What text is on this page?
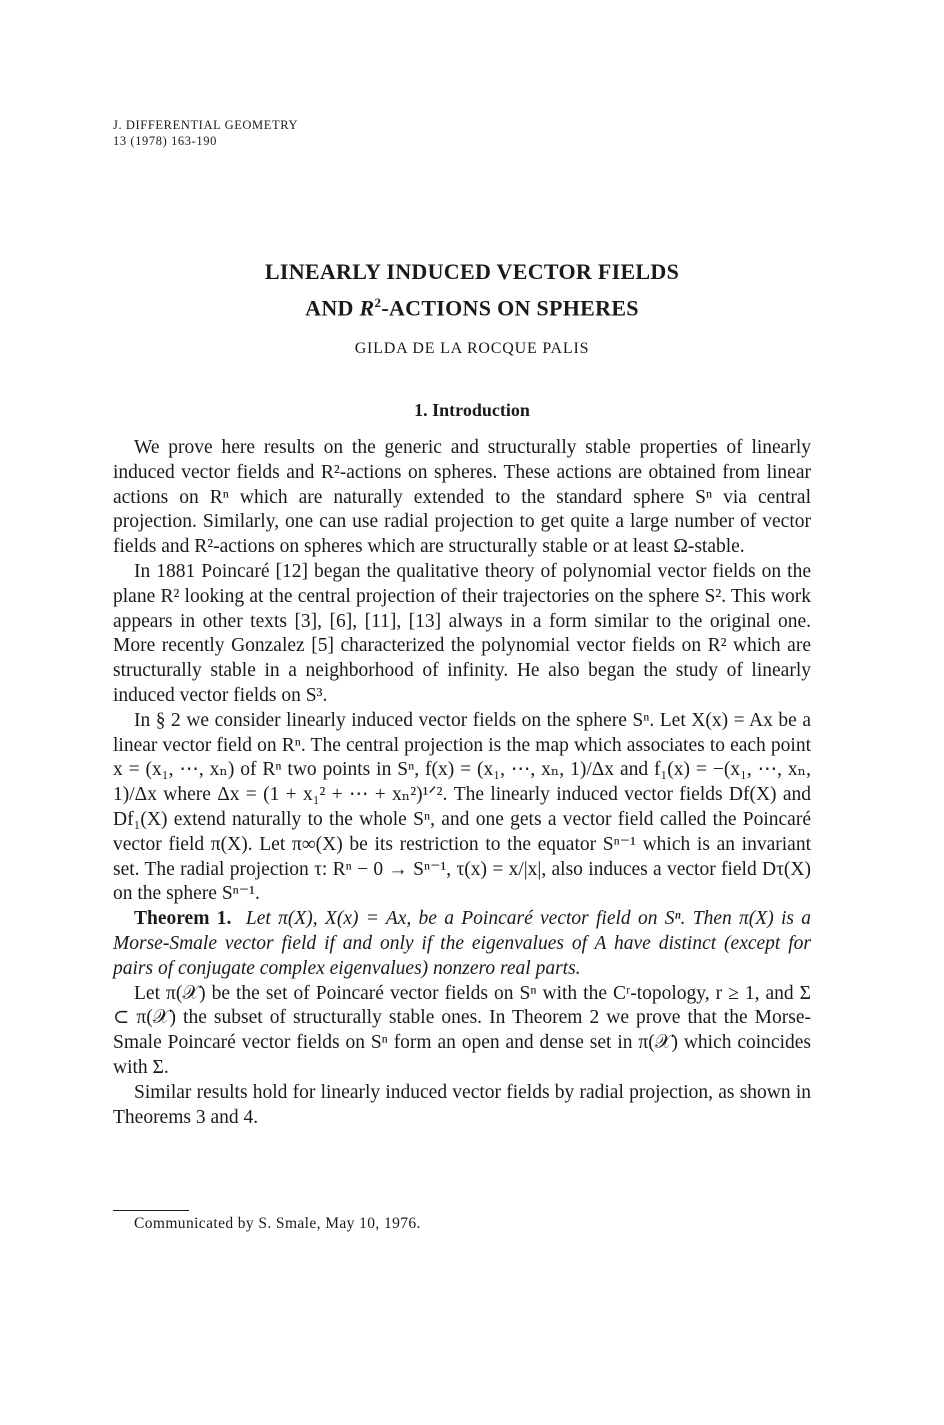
J. DIFFERENTIAL GEOMETRY
13 (1978) 163-190
LINEARLY INDUCED VECTOR FIELDS
AND $R^2$-ACTIONS ON SPHERES
GILDA DE LA ROCQUE PALIS
1. Introduction

We prove here results on the generic and structurally stable properties of linearly induced vector fields and R²-actions on spheres. These actions are obtained from linear actions on Rⁿ which are naturally extended to the standard sphere Sⁿ via central projection. Similarly, one can use radial projection to get quite a large number of vector fields and R²-actions on spheres which are structurally stable or at least Ω-stable.

In 1881 Poincaré [12] began the qualitative theory of polynomial vector fields on the plane R² looking at the central projection of their trajectories on the sphere S². This work appears in other texts [3], [6], [11], [13] always in a form similar to the original one. More recently Gonzalez [5] characterized the polynomial vector fields on R² which are structurally stable in a neighborhood of infinity. He also began the study of linearly induced vector fields on S³.

In § 2 we consider linearly induced vector fields on the sphere Sⁿ. Let X(x) = Ax be a linear vector field on Rⁿ. The central projection is the map which associates to each point x = (x₁, ⋯, xₙ) of Rⁿ two points in Sⁿ, f(x) = (x₁, ⋯, xₙ, 1)/Δx and f₁(x) = −(x₁, ⋯, xₙ, 1)/Δx where Δx = (1 + x₁² + ⋯ + xₙ²)¹ᐟ². The linearly induced vector fields Df(X) and Df₁(X) extend naturally to the whole Sⁿ, and one gets a vector field called the Poincaré vector field π(X). Let π∞(X) be its restriction to the equator Sⁿ⁻¹ which is an invariant set. The radial projection τ: Rⁿ − 0 → Sⁿ⁻¹, τ(x) = x/|x|, also induces a vector field Dτ(X) on the sphere Sⁿ⁻¹.

Theorem 1. Let π(X), X(x) = Ax, be a Poincaré vector field on Sⁿ. Then π(X) is a Morse-Smale vector field if and only if the eigenvalues of A have distinct (except for pairs of conjugate complex eigenvalues) nonzero real parts.

Let π(𝒳) be the set of Poincaré vector fields on Sⁿ with the Cʳ-topology, r ≥ 1, and Σ ⊂ π(𝒳) the subset of structurally stable ones. In Theorem 2 we prove that the Morse-Smale Poincaré vector fields on Sⁿ form an open and dense set in π(𝒳) which coincides with Σ.

Similar results hold for linearly induced vector fields by radial projection, as shown in Theorems 3 and 4.

Communicated by S. Smale, May 10, 1976.
